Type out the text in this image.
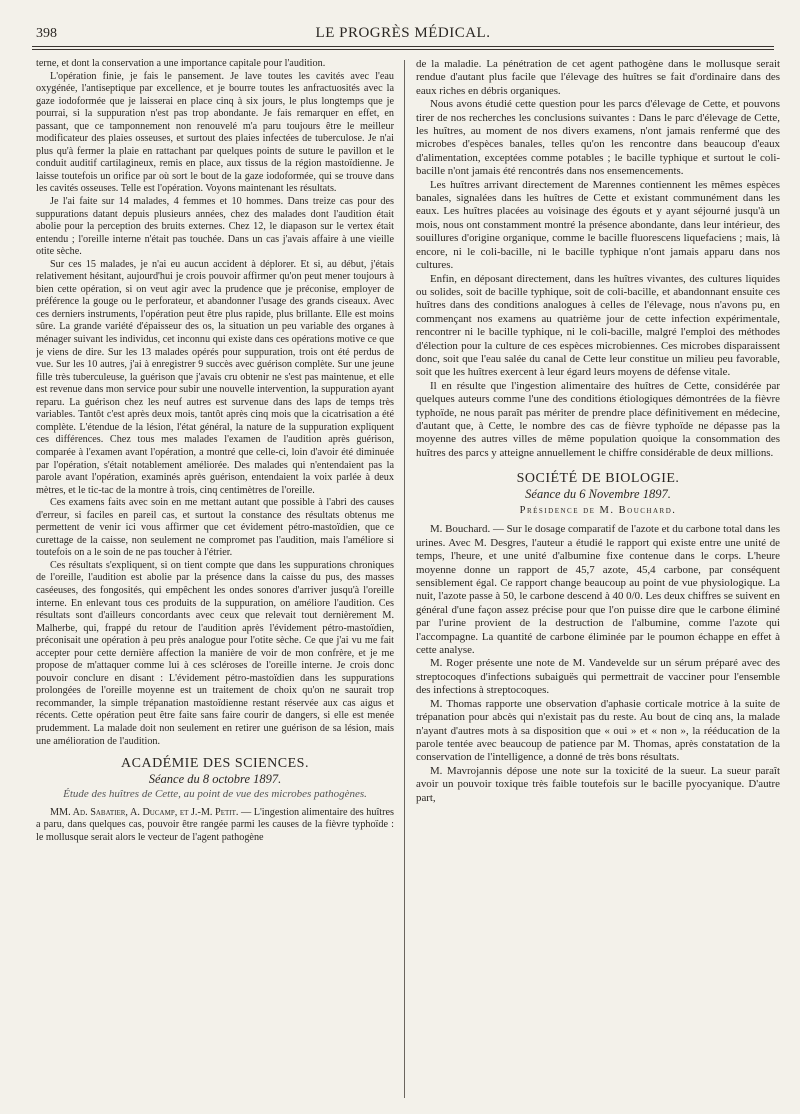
398	LE PROGRÈS MÉDICAL.

terne, et dont la conservation a une importance capitale pour l'audition.

L'opération finie, je fais le pansement. Je lave toutes les cavités avec l'eau oxygénée, l'antiseptique par excellence, et je bourre toutes les anfractuosités avec la gaze iodoformée que je laisserai en place cinq à six jours, le plus longtemps que je pourrai, si la suppuration n'est pas trop abondante. Je fais remarquer en effet, en passant, que ce tamponnement non renouvelé m'a paru toujours être le meilleur modificateur des plaies osseuses, et surtout des plaies infectées de tuberculose. Je n'ai plus qu'à fermer la plaie en rattachant par quelques points de suture le pavillon et le conduit auditif cartilagineux, remis en place, aux tissus de la région mastoïdienne. Je laisse toutefois un orifice par où sort le bout de la gaze iodoformée, qui se trouve dans les cavités osseuses. Telle est l'opération. Voyons maintenant les résultats.

Je l'ai faite sur 14 malades, 4 femmes et 10 hommes. Dans treize cas pour des suppurations datant depuis plusieurs années, chez des malades dont l'audition était abolie pour la perception des bruits externes. Chez 12, le diapason sur le vertex était entendu ; l'oreille interne n'était pas touchée. Dans un cas j'avais affaire à une vieille otite sèche.

Sur ces 15 malades, je n'ai eu aucun accident à déplorer. Et si, au début, j'étais relativement hésitant, aujourd'hui je crois pouvoir affirmer qu'on peut mener toujours à bien cette opération, si on veut agir avec la prudence que je préconise, employer de préférence la gouge ou le perforateur, et abandonner l'usage des grands ciseaux. Avec ces derniers instruments, l'opération peut être plus rapide, plus brillante. Elle est moins sûre. La grande variété d'épaisseur des os, la situation un peu variable des organes à ménager suivant les individus, cet inconnu qui existe dans ces opérations motive ce que je viens de dire. Sur les 13 malades opérés pour suppuration, trois ont été perdus de vue. Sur les 10 autres, j'ai à enregistrer 9 succès avec guérison complète. Sur une jeune fille très tuberculeuse, la guérison que j'avais cru obtenir ne s'est pas maintenue, et elle est revenue dans mon service pour subir une nouvelle intervention, la suppuration ayant reparu. La guérison chez les neuf autres est survenue dans des laps de temps très variables. Tantôt c'est après deux mois, tantôt après cinq mois que la cicatrisation a été complète. L'étendue de la lésion, l'état général, la nature de la suppuration expliquent ces différences. Chez tous mes malades l'examen de l'audition après guérison, comparée à l'examen avant l'opération, a montré que celle-ci, loin d'avoir été diminuée par l'opération, s'était notablement améliorée. Des malades qui n'entendaient pas la parole avant l'opération, examinés après guérison, entendaient la voix parlée à deux mètres, et le tic-tac de la montre à trois, cinq centimètres de l'oreille.

Ces examens faits avec soin en me mettant autant que possible à l'abri des causes d'erreur, si faciles en pareil cas, et surtout la constance des résultats obtenus me permettent de venir ici vous affirmer que cet évidement pétro-mastoïdien, que ce curettage de la caisse, non seulement ne compromet pas l'audition, mais l'améliore si toutefois on a le soin de ne pas toucher à l'étrier.

Ces résultats s'expliquent, si on tient compte que dans les suppurations chroniques de l'oreille, l'audition est abolie par la présence dans la caisse du pus, des masses caséeuses, des fongosités, qui empêchent les ondes sonores d'arriver jusqu'à l'oreille interne. En enlevant tous ces produits de la suppuration, on améliore l'audition. Ces résultats sont d'ailleurs concordants avec ceux que relevait tout dernièrement M. Malherbe, qui, frappé du retour de l'audition après l'évidement pétro-mastoïdien, préconisait une opération à peu près analogue pour l'otite sèche. Ce que j'ai vu me fait accepter pour cette dernière affection la manière de voir de mon confrère, et je me propose de m'attaquer comme lui à ces scléroses de l'oreille interne. Je crois donc pouvoir conclure en disant : L'évidement pétro-mastoïdien dans les suppurations prolongées de l'oreille moyenne est un traitement de choix qu'on ne saurait trop recommander, la simple trépanation mastoïdienne restant réservée aux cas aigus et récents. Cette opération peut être faite sans faire courir de dangers, si elle est menée prudemment. La malade doit non seulement en retirer une guérison de sa lésion, mais une amélioration de l'audition.

ACADÉMIE DES SCIENCES.
Séance du 8 octobre 1897.
Étude des huîtres de Cette, au point de vue des microbes pathogènes.

MM. Ad. Sabatier, A. Ducamp, et J.-M. Petit. — L'ingestion alimentaire des huîtres a paru, dans quelques cas, pouvoir être rangée parmi les causes de la fièvre typhoïde : le mollusque serait alors le vecteur de l'agent pathogène

de la maladie. La pénétration de cet agent pathogène dans le mollusque serait rendue d'autant plus facile que l'élevage des huîtres se fait d'ordinaire dans des eaux riches en débris organiques.

Nous avons étudié cette question pour les parcs d'élevage de Cette, et pouvons tirer de nos recherches les conclusions suivantes : Dans le parc d'élevage de Cette, les huîtres, au moment de nos divers examens, n'ont jamais renfermé que des microbes d'espèces banales, telles qu'on les rencontre dans beaucoup d'eaux d'alimentation, exceptées comme potables ; le bacille typhique et surtout le coli-bacille n'ont jamais été rencontrés dans nos ensemencements.

Les huîtres arrivant directement de Marennes contiennent les mêmes espèces banales, signalées dans les huîtres de Cette et existant communément dans les eaux. Les huîtres placées au voisinage des égouts et y ayant séjourné jusqu'à un mois, nous ont constamment montré la présence abondante, dans leur intérieur, des souillures d'origine organique, comme le bacille fluorescens liquefaciens ; mais, là encore, ni le coli-bacille, ni le bacille typhique n'ont jamais apparu dans nos cultures.

Enfin, en déposant directement, dans les huîtres vivantes, des cultures liquides ou solides, soit de bacille typhique, soit de coli-bacille, et abandonnant ensuite ces huîtres dans des conditions analogues à celles de l'élevage, nous n'avons pu, en commençant nos examens au quatrième jour de cette infection expérimentale, rencontrer ni le bacille typhique, ni le coli-bacille, malgré l'emploi des méthodes d'élection pour la culture de ces espèces microbiennes. Ces microbes disparaissent donc, soit que l'eau salée du canal de Cette leur constitue un milieu peu favorable, soit que les huîtres exercent à leur égard leurs moyens de défense vitale.

Il en résulte que l'ingestion alimentaire des huîtres de Cette, considérée par quelques auteurs comme l'une des conditions étiologiques démontrées de la fièvre typhoïde, ne nous paraît pas mériter de prendre place définitivement en médecine, d'autant que, à Cette, le nombre des cas de fièvre typhoïde ne dépasse pas la moyenne des autres villes de même population quoique la consommation des huîtres des parcs y atteigne annuellement le chiffre considérable de deux millions.

SOCIÉTÉ DE BIOLOGIE.
Séance du 6 Novembre 1897.
Présidence de M. Bouchard.

M. Bouchard. — Sur le dosage comparatif de l'azote et du carbone total dans les urines. Avec M. Desgres, l'auteur a étudié le rapport qui existe entre une unité de temps, l'heure, et une unité d'albumine fixe contenue dans le corps. L'heure moyenne donne un rapport de 45,7 azote, 45,4 carbone, par conséquent sensiblement égal. Ce rapport change beaucoup au point de vue physiologique. La nuit, l'azote passe à 50, le carbone descend à 40 0/0. Les deux chiffres se suivent en général d'une façon assez précise pour que l'on puisse dire que le carbone éliminé par l'urine provient de la destruction de l'albumine, comme l'azote qui l'accompagne. La quantité de carbone éliminée par le poumon échappe en effet à cette analyse.

M. Roger présente une note de M. Vandevelde sur un sérum préparé avec des streptocoques d'infections subaiguës qui permettrait de vacciner pour l'ensemble des infections à streptocoques.

M. Thomas rapporte une observation d'aphasie corticale motrice à la suite de trépanation pour abcès qui n'existait pas du reste. Au bout de cinq ans, la malade n'ayant d'autres mots à sa disposition que « oui » et « non », la rééducation de la parole tentée avec beaucoup de patience par M. Thomas, après constatation de la conservation de l'intelligence, a donné de très bons résultats.

M. Mavrojannis dépose une note sur la toxicité de la sueur. La sueur paraît avoir un pouvoir toxique très faible toutefois sur le bacille pyocyanique. D'autre part,
